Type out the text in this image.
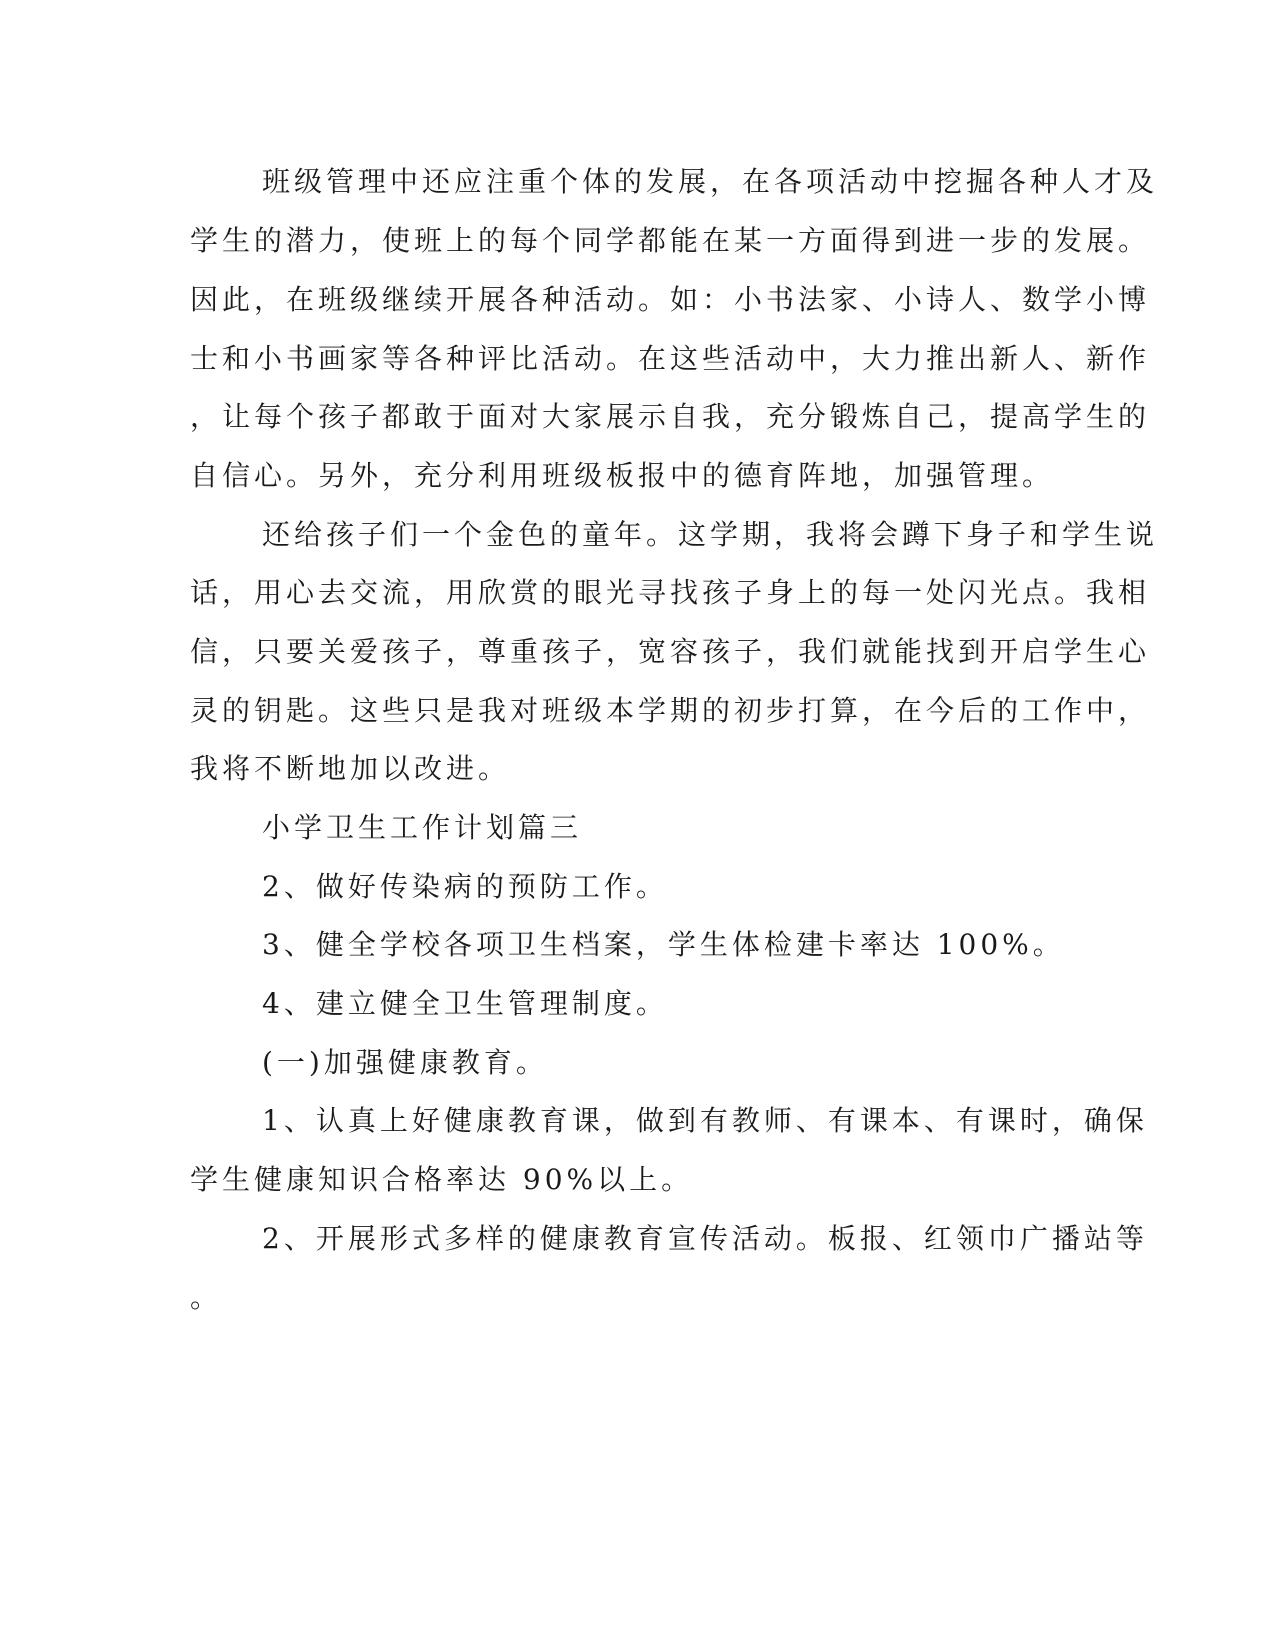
班级管理中还应注重个体的发展，在各项活动中挖掘各种人才及

学生的潜力，使班上的每个同学都能在某一方面得到进一步的发展。

因此，在班级继续开展各种活动。如：小书法家、小诗人、数学小博

士和小书画家等各种评比活动。在这些活动中，大力推出新人、新作

，让每个孩子都敢于面对大家展示自我，充分锻炼自己，提高学生的

自信心。另外，充分利用班级板报中的德育阵地，加强管理。

还给孩子们一个金色的童年。这学期，我将会蹲下身子和学生说

话，用心去交流，用欣赏的眼光寻找孩子身上的每一处闪光点。我相

信，只要关爱孩子，尊重孩子，宽容孩子，我们就能找到开启学生心

灵的钥匙。这些只是我对班级本学期的初步打算，在今后的工作中，

我将不断地加以改进。

小学卫生工作计划篇三

2、做好传染病的预防工作。

3、健全学校各项卫生档案，学生体检建卡率达 100%。

4、建立健全卫生管理制度。

(一)加强健康教育。

1、认真上好健康教育课，做到有教师、有课本、有课时，确保

学生健康知识合格率达 90%以上。

2、开展形式多样的健康教育宣传活动。板报、红领巾广播站等

。
